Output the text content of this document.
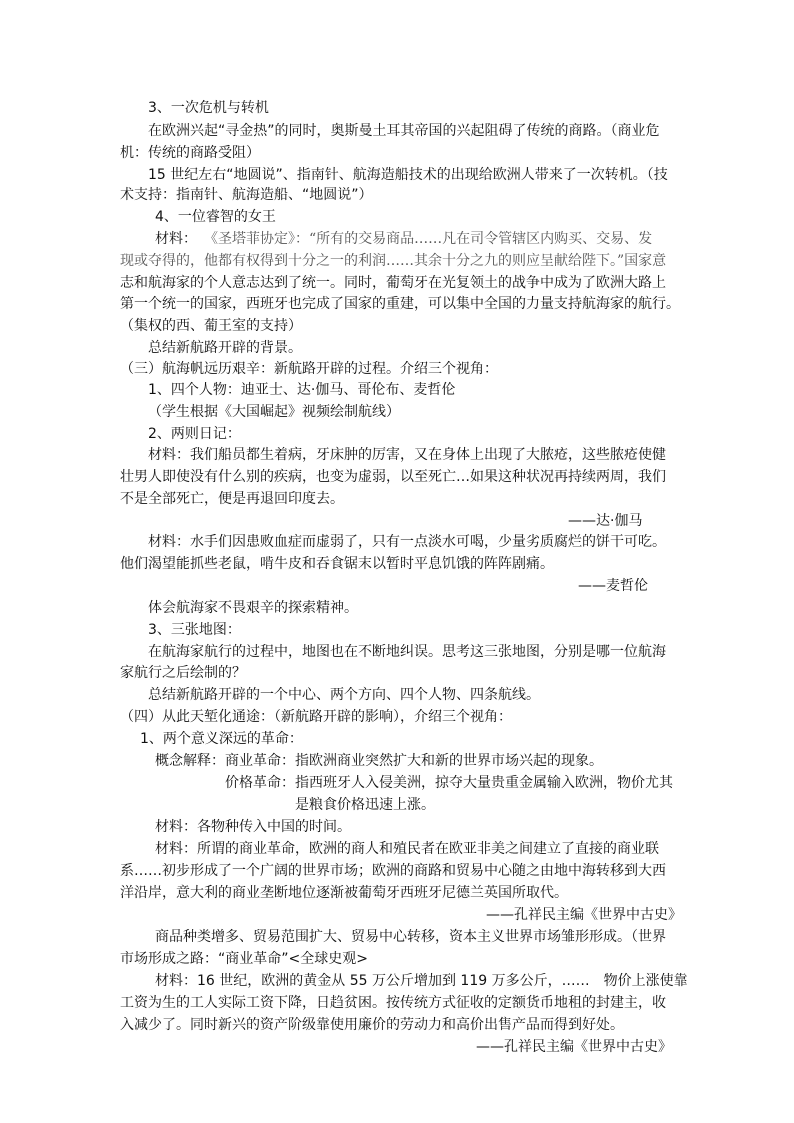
3、一次危机与转机
在欧洲兴起“寻金热”的同时，奥斯曼土耳其帝国的兴起阻碍了传统的商路。（商业危
机：传统的商路受阻）
15 世纪左右“地圆说”、指南针、航海造船技术的出现给欧洲人带来了一次转机。（技
术支持：指南针、航海造船、“地圆说”）
4、一位睿智的女王
材料： 《圣塔菲协定》：“所有的交易商品……凡在司令管辖区内购买、交易、发
现或夺得的，他都有权得到十分之一的利润……其余十分之九的则应呈献给陛下。”国家意
志和航海家的个人意志达到了统一。同时，葡萄牙在光复领土的战争中成为了欧洲大路上
第一个统一的国家，西班牙也完成了国家的重建，可以集中全国的力量支持航海家的航行。
（集权的西、葡王室的支持）
总结新航路开辟的背景。
（三）航海帆远历艰辛：新航路开辟的过程。介绍三个视角：
1、四个人物：迪亚士、达·伽马、哥伦布、麦哲伦
（学生根据《大国崛起》视频绘制航线）
2、两则日记：
材料：我们船员都生着病，牙床肿的厉害，又在身体上出现了大脓疮，这些脓疮使健
壮男人即使没有什么别的疾病，也变为虚弱，以至死亡…如果这种状况再持续两周，我们
不是全部死亡，便是再退回印度去。
——达·伽马
材料：水手们因患败血症而虚弱了，只有一点淡水可喝，少量劣质腐烂的饼干可吃。
他们渴望能抓些老鼠，啃牛皮和吞食锯末以暂时平息饥饿的阵阵剧痛。
——麦哲伦
体会航海家不畏艰辛的探索精神。
3、三张地图：
在航海家航行的过程中，地图也在不断地纠误。思考这三张地图，分别是哪一位航海
家航行之后绘制的？
总结新航路开辟的一个中心、两个方向、四个人物、四条航线。
（四）从此天堑化通途：（新航路开辟的影响），介绍三个视角：
1、两个意义深远的革命：
概念解释：商业革命：指欧洲商业突然扩大和新的世界市场兴起的现象。
价格革命：指西班牙人入侵美洲，掠夺大量贵重金属输入欧洲，物价尤其
是粮食价格迅速上涨。
材料：各物种传入中国的时间。
材料：所谓的商业革命，欧洲的商人和殖民者在欧亚非美之间建立了直接的商业联
系……初步形成了一个广阔的世界市场；欧洲的商路和贸易中心随之由地中海转移到大西
洋沿岸，意大利的商业垄断地位逐渐被葡萄牙西班牙尼德兰英国所取代。
——孔祥民主编《世界中古史》
商品种类增多、贸易范围扩大、贸易中心转移，资本主义世界市场雏形形成。（世界
市场形成之路：“商业革命”<全球史观>
材料：16 世纪，欧洲的黄金从 55 万公斤增加到 119 万多公斤，…… 物价上涨使靠
工资为生的工人实际工资下降，日趋贫困。按传统方式征收的定额货币地租的封建主，收
入减少了。同时新兴的资产阶级靠使用廉价的劳动力和高价出售产品而得到好处。
——孔祥民主编《世界中古史》
